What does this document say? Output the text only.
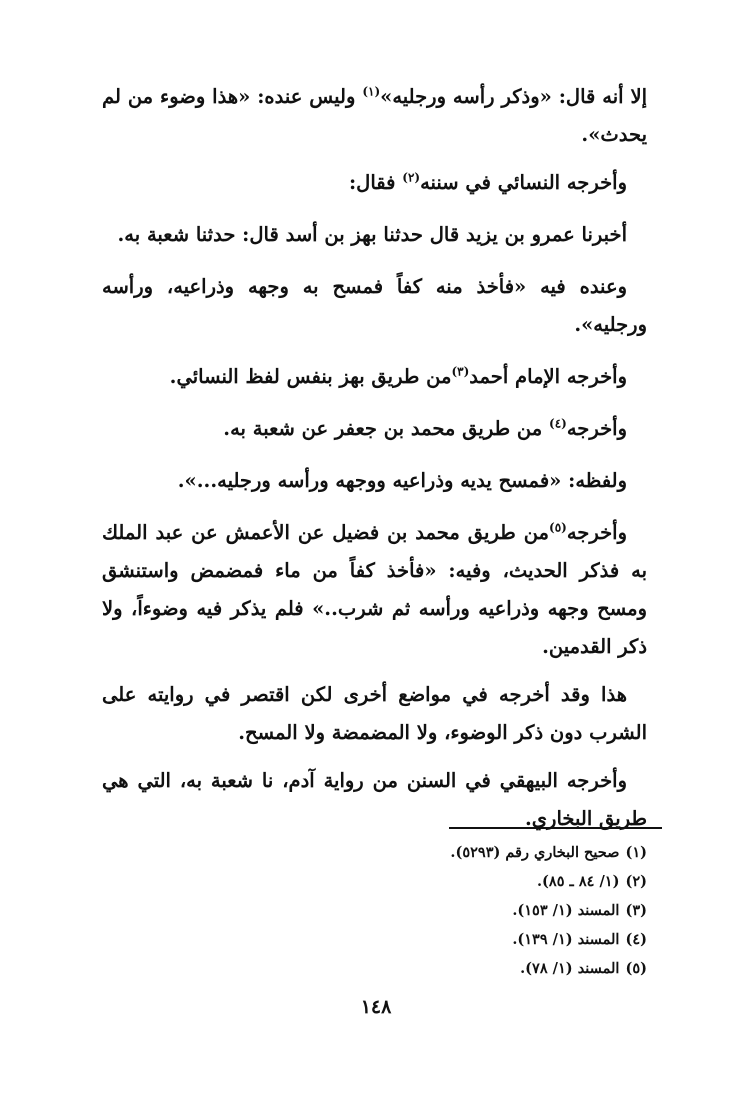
إلا أنه قال: «وذكر رأسه ورجليه»$^{(١)}$ وليس عنده: «هذا وضوء من لم يحدث».

وأخرجه النسائي في سننه$^{(٢)}$ فقال:

أخبرنا عمرو بن يزيد قال حدثنا بهز بن أسد قال: حدثنا شعبة به.

وعنده فيه «فأخذ منه كفاً فمسح به وجهه وذراعيه، ورأسه ورجليه».

وأخرجه الإمام أحمد$^{(٣)}$من طريق بهز بنفس لفظ النسائي.

وأخرجه$^{(٤)}$ من طريق محمد بن جعفر عن شعبة به.

ولفظه: «فمسح يديه وذراعيه ووجهه ورأسه ورجليه...».

وأخرجه$^{(٥)}$من طريق محمد بن فضيل عن الأعمش عن عبد الملك به فذكر الحديث، وفيه: «فأخذ كفاً من ماء فمضمض واستنشق ومسح وجهه وذراعيه ورأسه ثم شرب..» فلم يذكر فيه وضوءاً، ولا ذكر القدمين.

هذا وقد أخرجه في مواضع أخرى لكن اقتصر في روايته على الشرب دون ذكر الوضوء، ولا المضمضة ولا المسح.

وأخرجه البيهقي في السنن من رواية آدم، نا شعبة به، التي هي طريق البخاري.

(١)
صحيح البخاري رقم (٥٢٩٣).
(٢)
(١/ ٨٤ ـ ٨٥).
(٣)
المسند (١/ ١٥٣).
(٤)
المسند (١/ ١٣٩).
(٥)
المسند (١/ ٧٨).
١٤٨
